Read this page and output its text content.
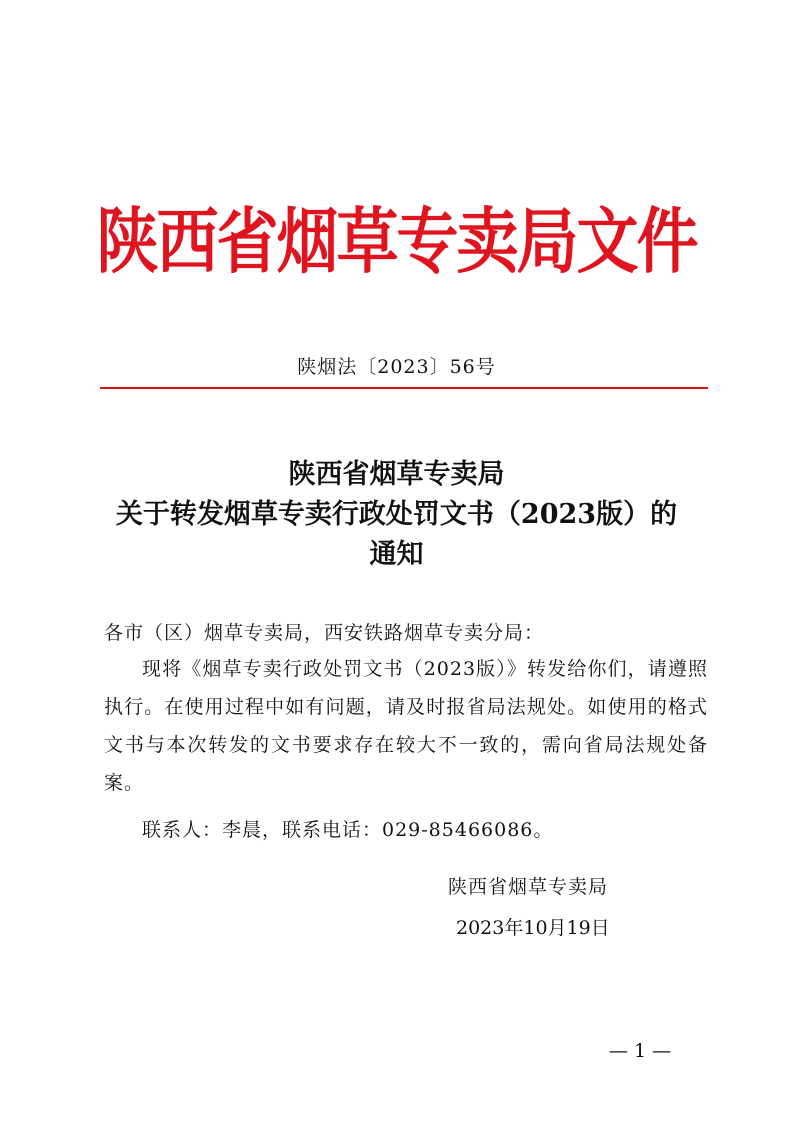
陕西省烟草专卖局文件
陕烟法〔2023〕56号
陕西省烟草专卖局
关于转发烟草专卖行政处罚文书（2023版）的
通知
各市（区）烟草专卖局，西安铁路烟草专卖分局：
现将《烟草专卖行政处罚文书（2023版）》转发给你们，请遵照执行。在使用过程中如有问题，请及时报省局法规处。如使用的格式文书与本次转发的文书要求存在较大不一致的，需向省局法规处备案。
联系人：李晨，联系电话：029-85466086。
陕西省烟草专卖局
2023年10月19日
— 1 —
